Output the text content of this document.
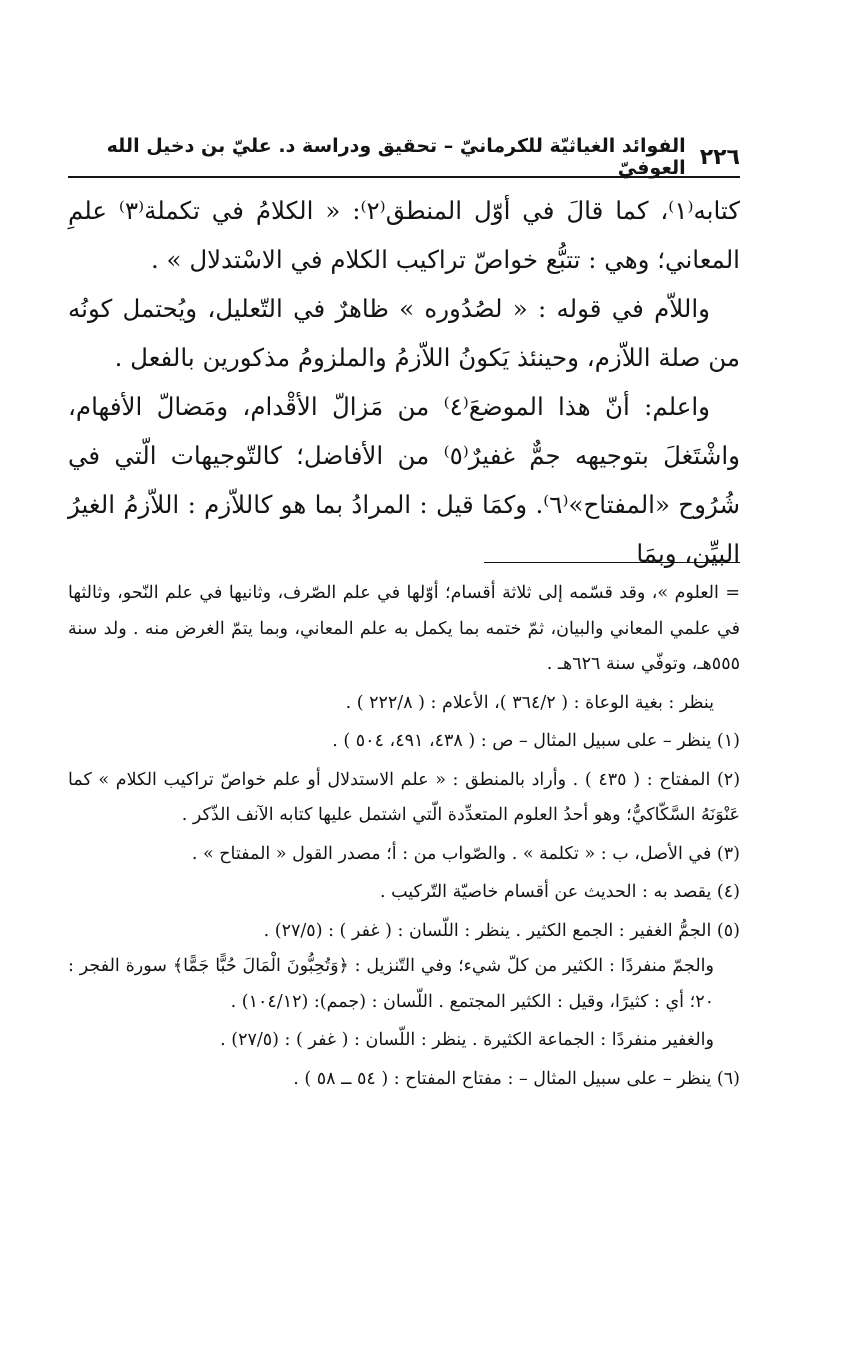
٢٢٦
الفوائد الغياثيّة للكرمانيّ – تحقيق ودراسة د. عليّ بن دخيل الله العوفيّ

كتابه⁽١⁾، كما قالَ في أوّل المنطق⁽٢⁾: « الكلامُ في تكملة⁽٣⁾ علمِ المعاني؛ وهي : تتبُّع خواصّ تراكيب الكلام في الاسْتدلال » .

واللاّم في قوله : « لصُدُوره » ظاهرٌ في التّعليل، ويُحتمل كونُه من صلة اللاّزم، وحينئذ يَكونُ اللاّزمُ والملزومُ مذكورين بالفعل .

واعلم: أنّ هذا الموضعَ⁽٤⁾ من مَزالّ الأقْدام، ومَضالّ الأفهام، واشْتَغلَ بتوجيهه جمٌّ غفيرٌ⁽٥⁾ من الأفاضل؛ كالتّوجيهات الّتي في شُرُوح «المفتاح»⁽٦⁾. وكمَا قيل : المرادُ بما هو كاللاّزم : اللاّزمُ الغيرُ البيِّن، وبمَا

= العلوم »، وقد قسّمه إلى ثلاثة أقسام؛ أوّلها في علم الصّرف، وثانيها في علم النّحو، وثالثها في علمي المعاني والبيان، ثمّ ختمه بما يكمل به علم المعاني، وبما يتمّ الغرض منه . ولد سنة ٥٥٥هـ، وتوفّي سنة ٦٢٦هـ .

ينظر : بغية الوعاة : ( ٣٦٤/٢ )، الأعلام : ( ٢٢٢/٨ ) .

(١) ينظر – على سبيل المثال – ص : ( ٤٣٨، ٤٩١، ٥٠٤ ) .

(٢) المفتاح : ( ٤٣٥ ) . وأراد بالمنطق : « علم الاستدلال أو علم خواصّ تراكيب الكلام » كما عَنْوَنَهُ السَّكّاكيُّ؛ وهو أحدُ العلوم المتعدِّدة الّتي اشتمل عليها كتابه الآنف الذّكر .

(٣) في الأصل، ب : « تكلمة » . والصّواب من : أ؛ مصدر القول « المفتاح » .

(٤) يقصد به : الحديث عن أقسام خاصيّة التّركيب .

(٥) الجمُّ الغفير : الجمع الكثير . ينظر : اللّسان : ( غفر ) : (٢٧/٥) .

والجمّ منفردًا : الكثير من كلّ شيء؛ وفي التّنزيل : ﴿وَتُحِبُّونَ الْمَالَ حُبًّا جَمًّا﴾ سورة الفجر : ٢٠؛ أي : كثيرًا، وقيل : الكثير المجتمع . اللّسان : (جمم): (١٠٤/١٢) .

والغفير منفردًا : الجماعة الكثيرة . ينظر : اللّسان : ( غفر ) : (٢٧/٥) .

(٦) ينظر – على سبيل المثال – : مفتاح المفتاح : ( ٥٤ ــ ٥٨ ) .
